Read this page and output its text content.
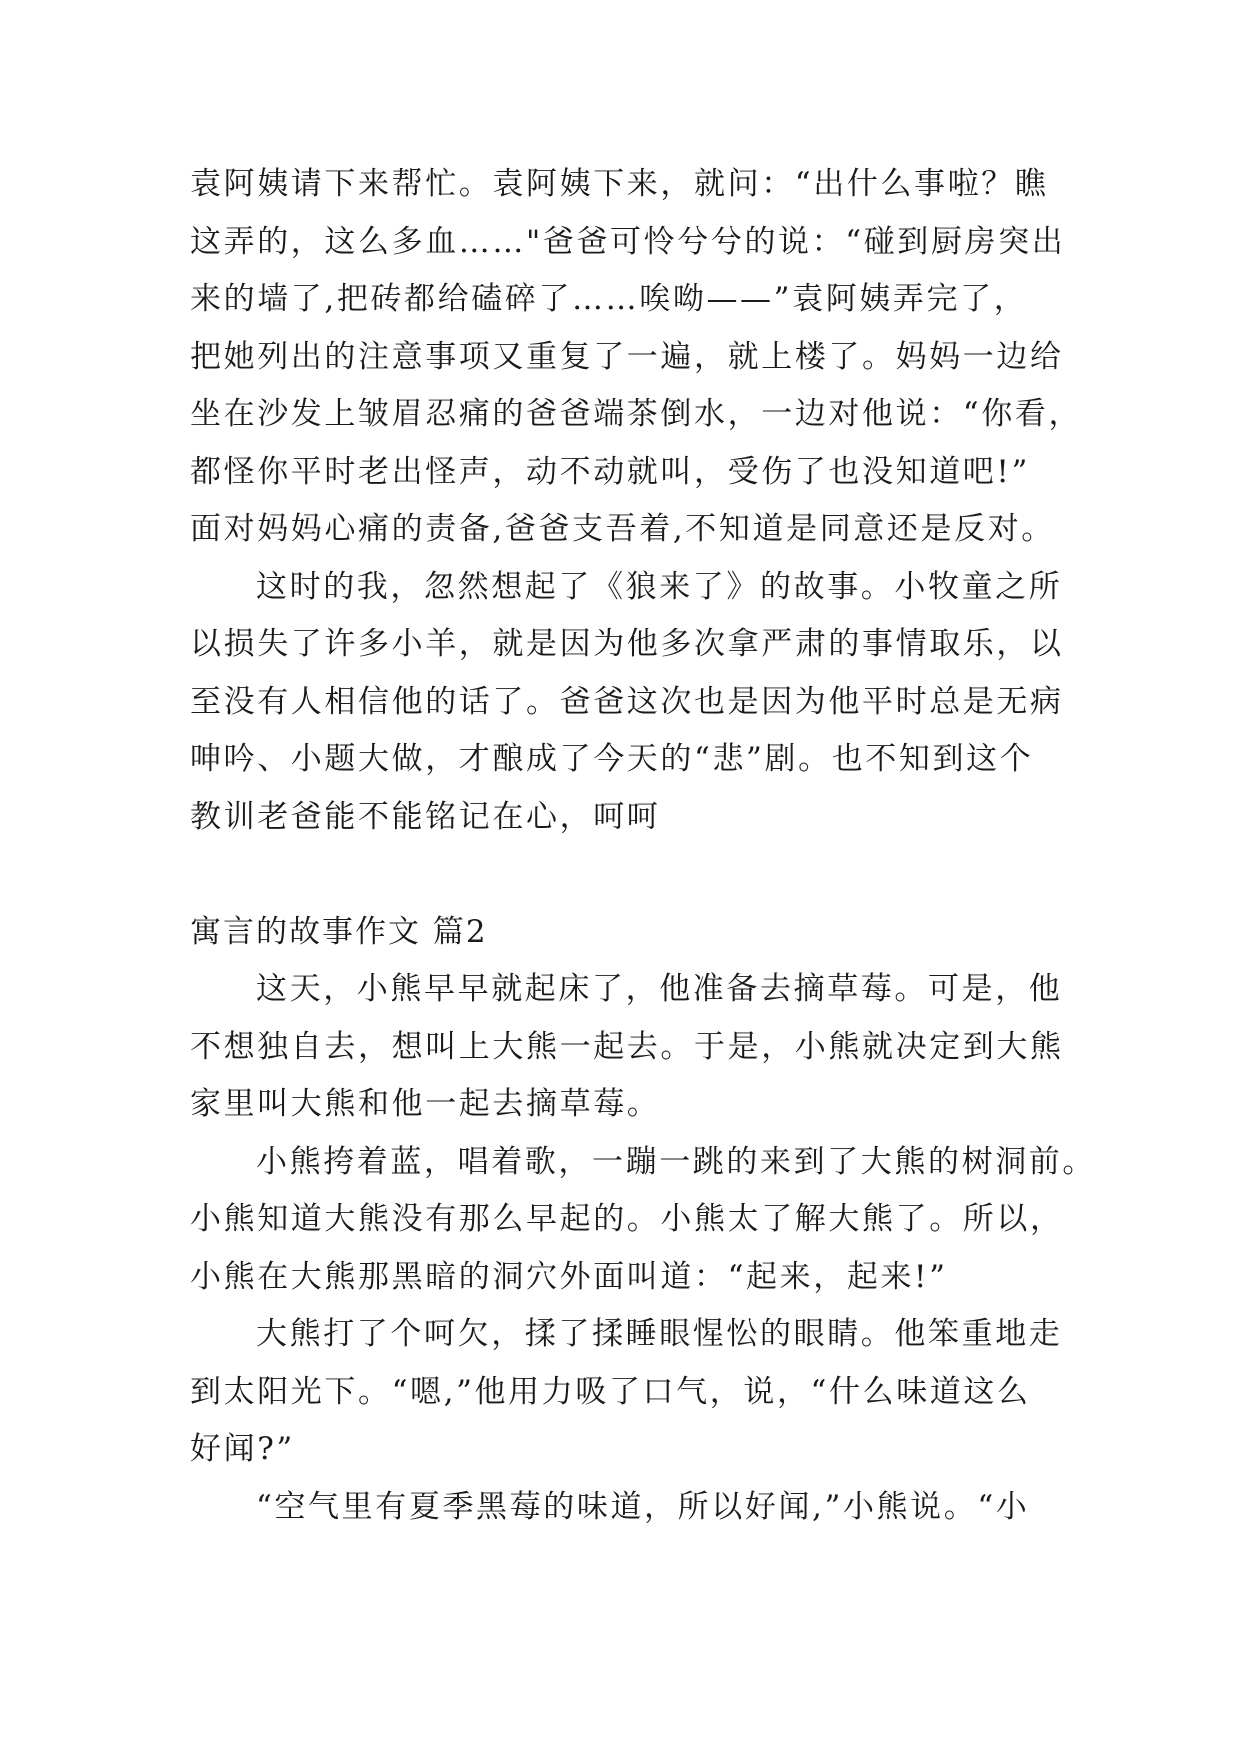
袁阿姨请下来帮忙。袁阿姨下来，就问：“出什么事啦？瞧
这弄的，这么多血……"爸爸可怜兮兮的说：“碰到厨房突出
来的墙了,把砖都给磕碎了……唉呦——”袁阿姨弄完了，
把她列出的注意事项又重复了一遍，就上楼了。妈妈一边给
坐在沙发上皱眉忍痛的爸爸端茶倒水，一边对他说：“你看，
都怪你平时老出怪声，动不动就叫，受伤了也没知道吧!”
面对妈妈心痛的责备,爸爸支吾着,不知道是同意还是反对。
这时的我，忽然想起了《狼来了》的故事。小牧童之所
以损失了许多小羊，就是因为他多次拿严肃的事情取乐，以
至没有人相信他的话了。爸爸这次也是因为他平时总是无病
呻吟、小题大做，才酿成了今天的“悲”剧。也不知到这个
教训老爸能不能铭记在心，呵呵
寓言的故事作文 篇2
这天，小熊早早就起床了，他准备去摘草莓。可是，他
不想独自去，想叫上大熊一起去。于是，小熊就决定到大熊
家里叫大熊和他一起去摘草莓。
小熊挎着蓝，唱着歌，一蹦一跳的来到了大熊的树洞前。
小熊知道大熊没有那么早起的。小熊太了解大熊了。所以，
小熊在大熊那黑暗的洞穴外面叫道：“起来，起来!”
大熊打了个呵欠，揉了揉睡眼惺忪的眼睛。他笨重地走
到太阳光下。“嗯,”他用力吸了口气，说，“什么味道这么
好闻?”
“空气里有夏季黑莓的味道，所以好闻,”小熊说。“小
